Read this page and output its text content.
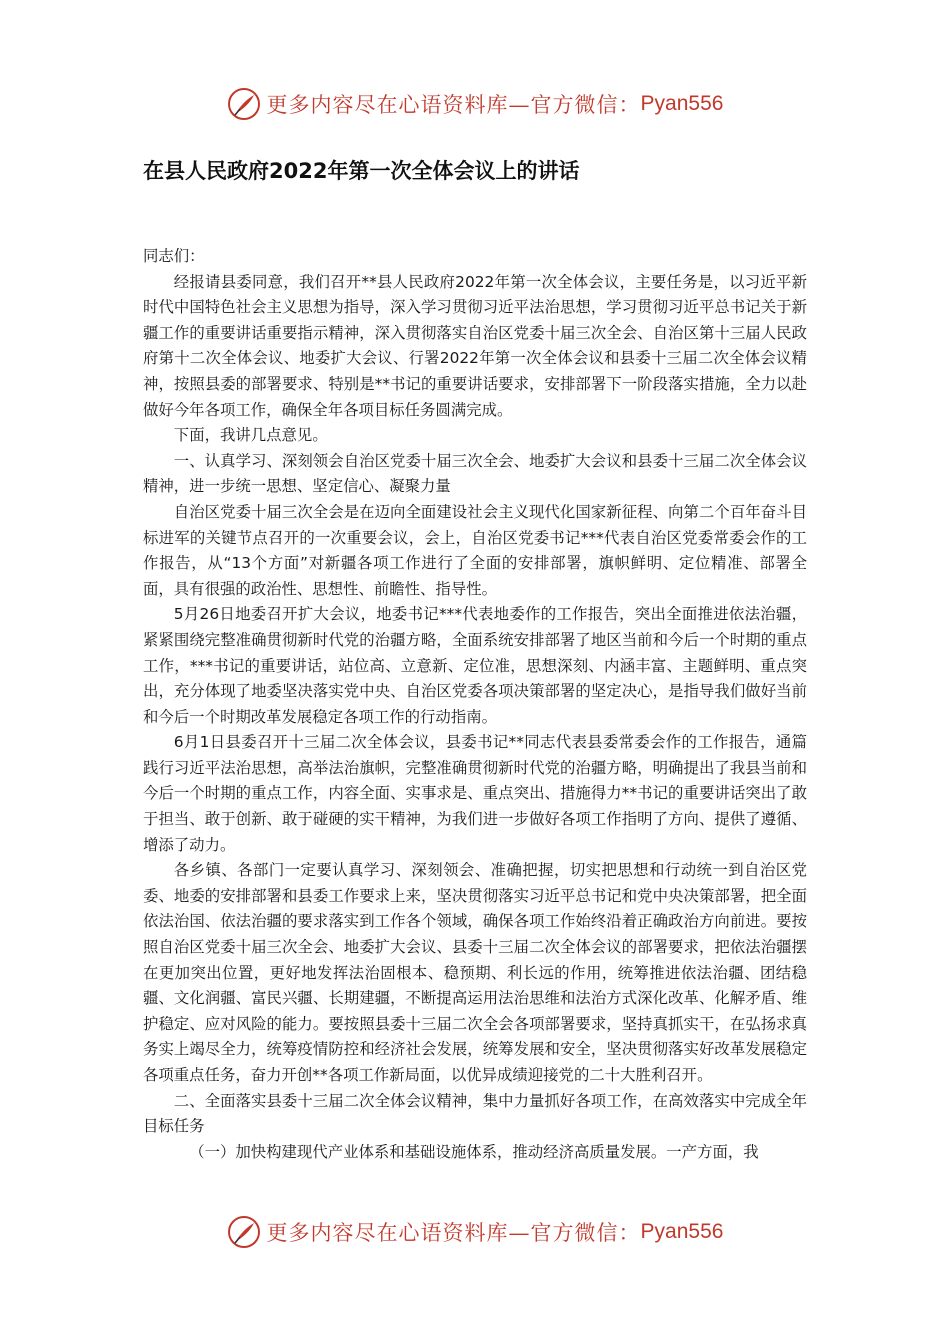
更多内容尽在心语资料库—官方微信： Pyan556
在县人民政府2022年第一次全体会议上的讲话

同志们：

经报请县委同意，我们召开**县人民政府2022年第一次全体会议，主要任务是，以习近平新时代中国特色社会主义思想为指导，深入学习贯彻习近平法治思想，学习贯彻习近平总书记关于新疆工作的重要讲话重要指示精神，深入贯彻落实自治区党委十届三次全会、自治区第十三届人民政府第十二次全体会议、地委扩大会议、行署2022年第一次全体会议和县委十三届二次全体会议精神，按照县委的部署要求、特别是**书记的重要讲话要求，安排部署下一阶段落实措施，全力以赴做好今年各项工作，确保全年各项目标任务圆满完成。

下面，我讲几点意见。

一、认真学习、深刻领会自治区党委十届三次全会、地委扩大会议和县委十三届二次全体会议精神，进一步统一思想、坚定信心、凝聚力量

自治区党委十届三次全会是在迈向全面建设社会主义现代化国家新征程、向第二个百年奋斗目标进军的关键节点召开的一次重要会议，会上，自治区党委书记***代表自治区党委常委会作的工作报告，从“13个方面”对新疆各项工作进行了全面的安排部署，旗帜鲜明、定位精准、部署全面，具有很强的政治性、思想性、前瞻性、指导性。

5月26日地委召开扩大会议，地委书记***代表地委作的工作报告，突出全面推进依法治疆，紧紧围绕完整准确贯彻新时代党的治疆方略，全面系统安排部署了地区当前和今后一个时期的重点工作，***书记的重要讲话，站位高、立意新、定位准，思想深刻、内涵丰富、主题鲜明、重点突出，充分体现了地委坚决落实党中央、自治区党委各项决策部署的坚定决心，是指导我们做好当前和今后一个时期改革发展稳定各项工作的行动指南。

6月1日县委召开十三届二次全体会议，县委书记**同志代表县委常委会作的工作报告，通篇践行习近平法治思想，高举法治旗帜，完整准确贯彻新时代党的治疆方略，明确提出了我县当前和今后一个时期的重点工作，内容全面、实事求是、重点突出、措施得力**书记的重要讲话突出了敢于担当、敢于创新、敢于碰硬的实干精神，为我们进一步做好各项工作指明了方向、提供了遵循、增添了动力。

各乡镇、各部门一定要认真学习、深刻领会、准确把握，切实把思想和行动统一到自治区党委、地委的安排部署和县委工作要求上来，坚决贯彻落实习近平总书记和党中央决策部署，把全面依法治国、依法治疆的要求落实到工作各个领域，确保各项工作始终沿着正确政治方向前进。要按照自治区党委十届三次全会、地委扩大会议、县委十三届二次全体会议的部署要求，把依法治疆摆在更加突出位置，更好地发挥法治固根本、稳预期、利长远的作用，统筹推进依法治疆、团结稳疆、文化润疆、富民兴疆、长期建疆，不断提高运用法治思维和法治方式深化改革、化解矛盾、维护稳定、应对风险的能力。要按照县委十三届二次全会各项部署要求，坚持真抓实干，在弘扬求真务实上竭尽全力，统筹疫情防控和经济社会发展，统筹发展和安全，坚决贯彻落实好改革发展稳定各项重点任务，奋力开创**各项工作新局面，以优异成绩迎接党的二十大胜利召开。

二、全面落实县委十三届二次全体会议精神，集中力量抓好各项工作，在高效落实中完成全年目标任务

（一）加快构建现代产业体系和基础设施体系，推动经济高质量发展。一产方面，我

更多内容尽在心语资料库—官方微信： Pyan556
